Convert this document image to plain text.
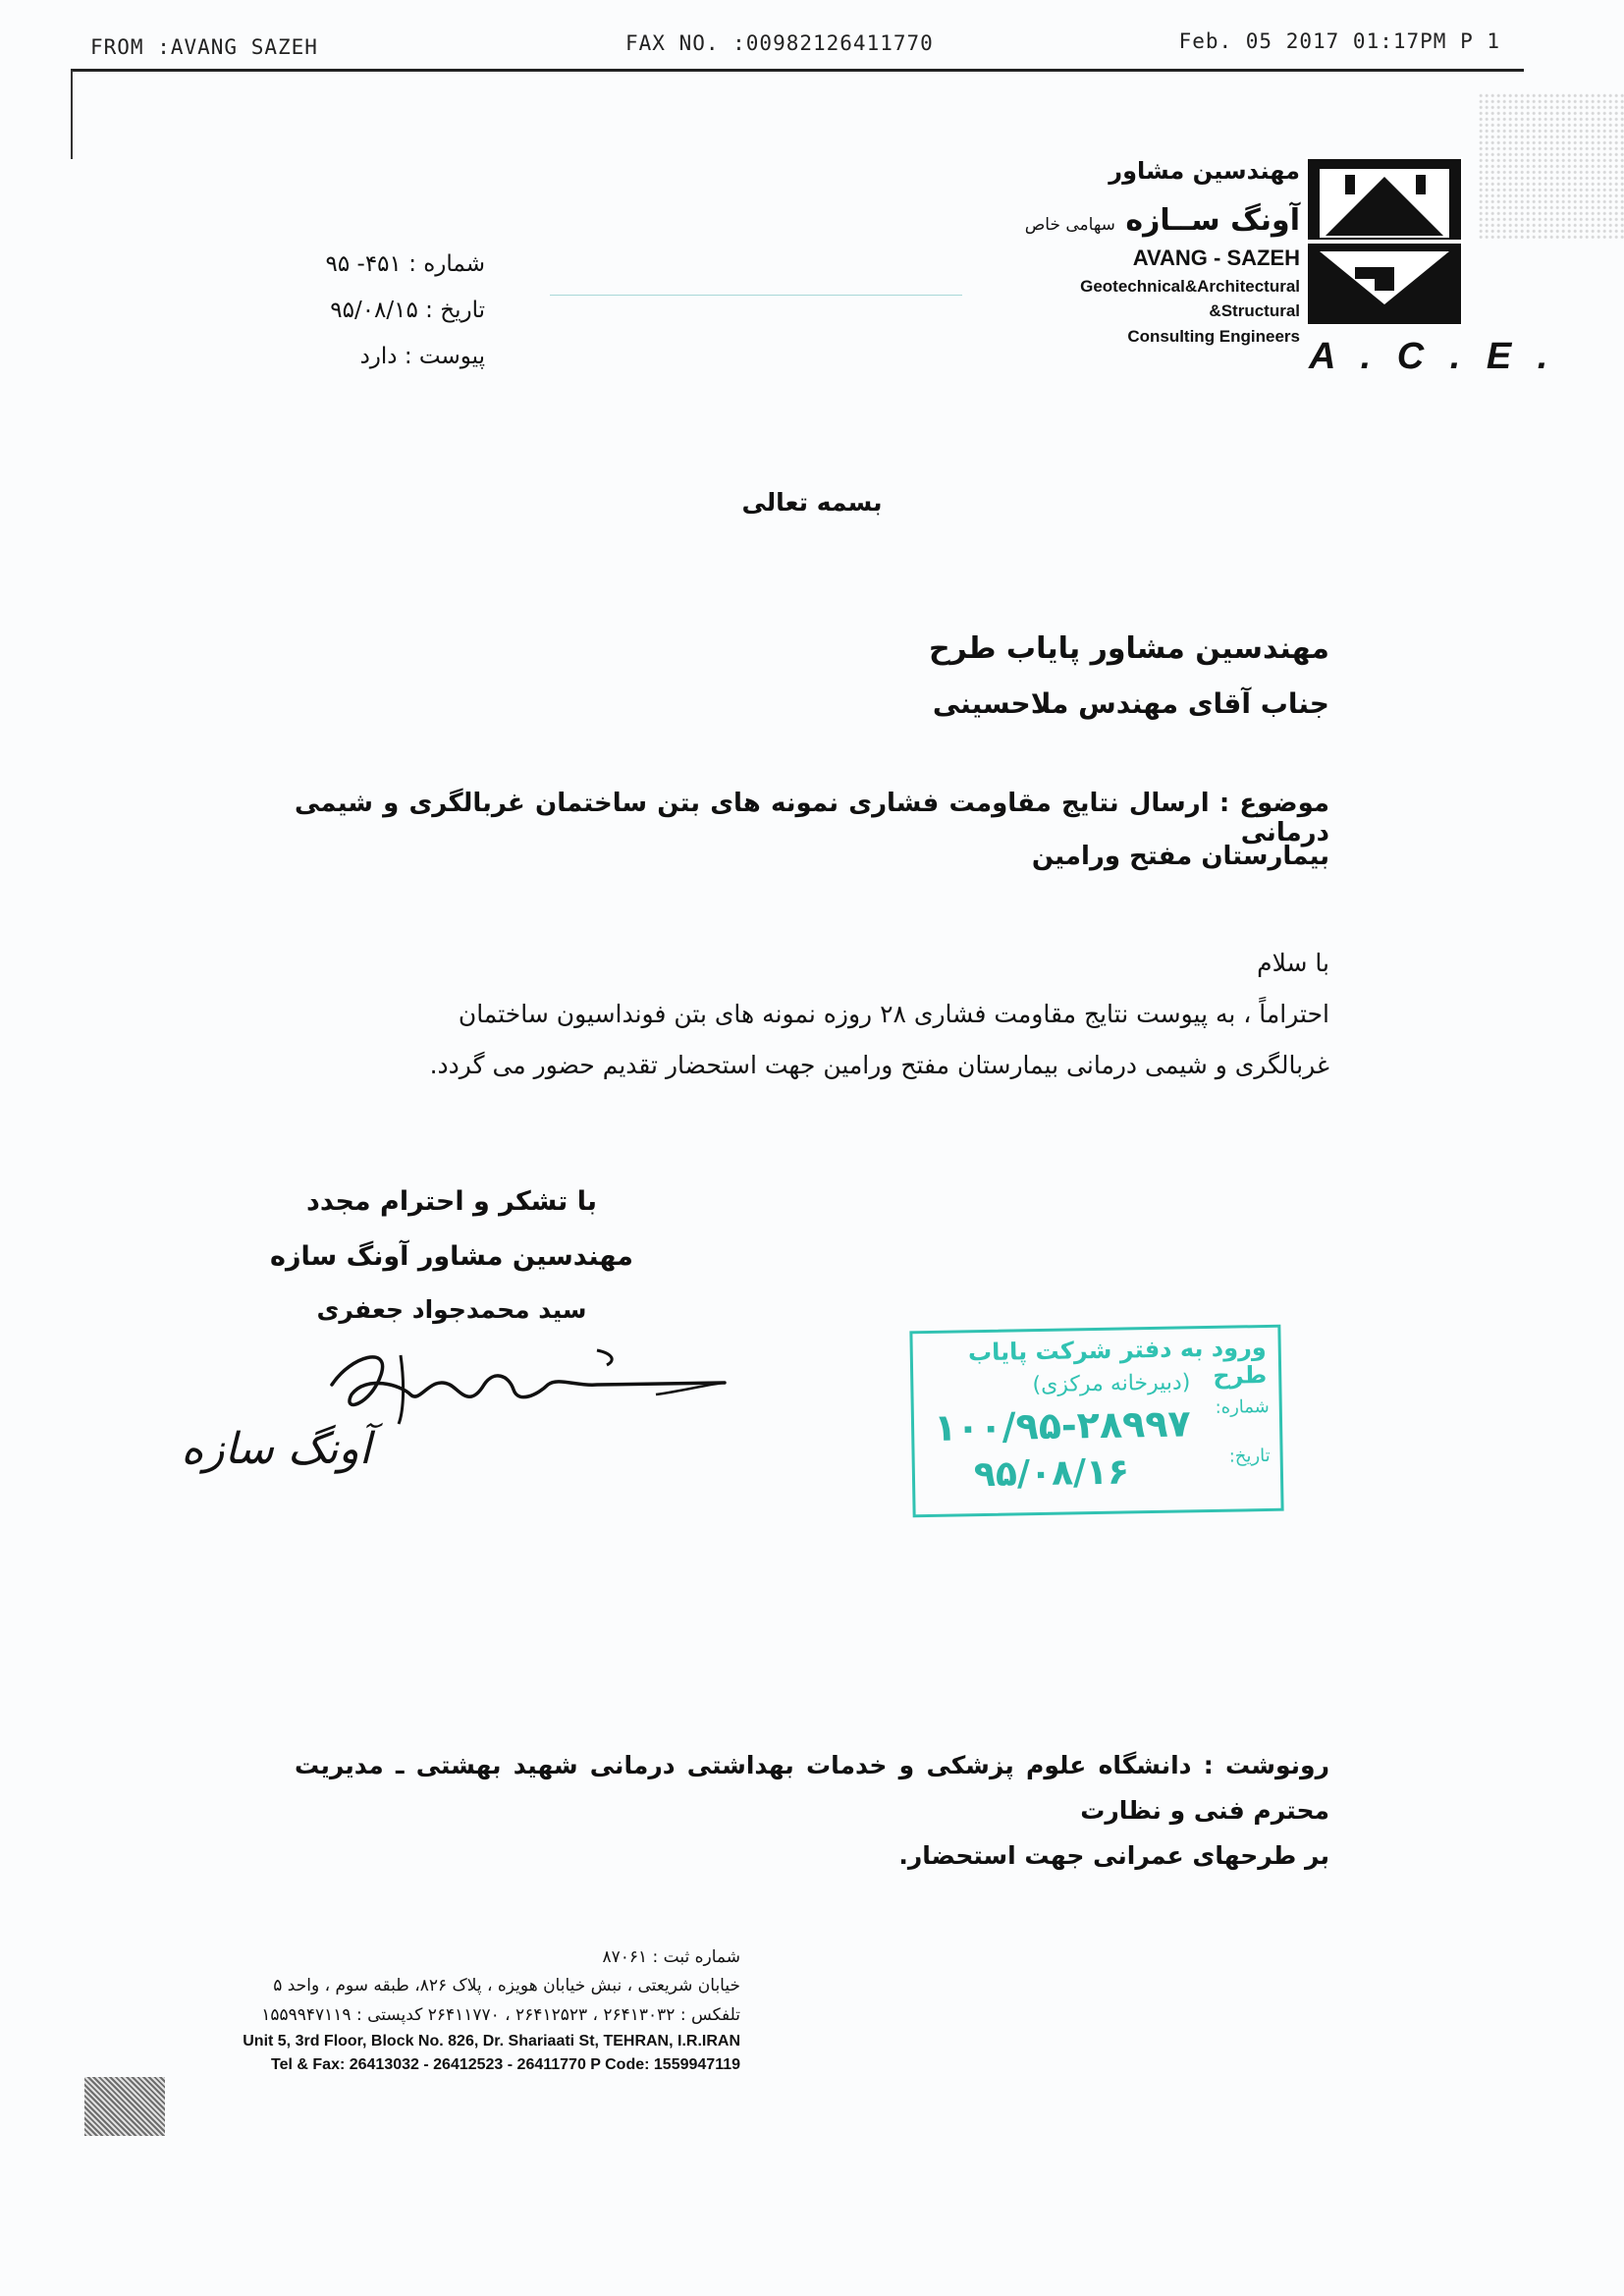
FROM :AVANG SAZEH	FAX NO. :00982126411770	Feb. 05 2017 01:17PM P 1
مهندسین مشاور
آونگ ســازه سهامی خاص
AVANG - SAZEH
Geotechnical&Architectural
&Structural
Consulting Engineers A . C . E .
شماره : ۴۵۱- ۹۵
تاریخ : ۹۵/۰۸/۱۵
پیوست : دارد
بسمه تعالی
مهندسین مشاور پایاب طرح
جناب آقای مهندس ملاحسینی
موضوع : ارسال نتایج مقاومت فشاری نمونه های بتن ساختمان غربالگری و شیمی درمانی
بیمارستان مفتح ورامین
با سلام
احتراماً ، به پیوست نتایج مقاومت فشاری ۲۸ روزه نمونه های بتن فونداسیون ساختمان
غربالگری و شیمی درمانی بیمارستان مفتح ورامین جهت استحضار تقدیم حضور می گردد.
با تشکر و احترام مجدد
مهندسین مشاور آونگ سازه
سید محمدجواد جعفری
آونگ سازه
ورود به دفتر شرکت پایاب طرح
(دبیرخانه مرکزی)
شماره:
تاریخ:
۱۰۰/۹۵-۲۸۹۹۷
۹۵/۰۸/۱۶
رونوشت : دانشگاه علوم پزشکی و خدمات بهداشتی درمانی شهید بهشتی ـ مدیریت محترم فنی و نظارت
بر طرحهای عمرانی جهت استحضار.
شماره ثبت : ۸۷۰۶۱
خیابان شریعتی ، نبش خیابان هویزه ، پلاک ۸۲۶، طبقه سوم ، واحد ۵
تلفکس : ۲۶۴۱۳۰۳۲ ، ۲۶۴۱۲۵۲۳ ، ۲۶۴۱۱۷۷۰ کدپستی : ۱۵۵۹۹۴۷۱۱۹
Unit 5, 3rd Floor, Block No. 826, Dr. Shariaati St, TEHRAN, I.R.IRAN
Tel & Fax: 26413032 - 26412523 - 26411770 P Code: 1559947119
